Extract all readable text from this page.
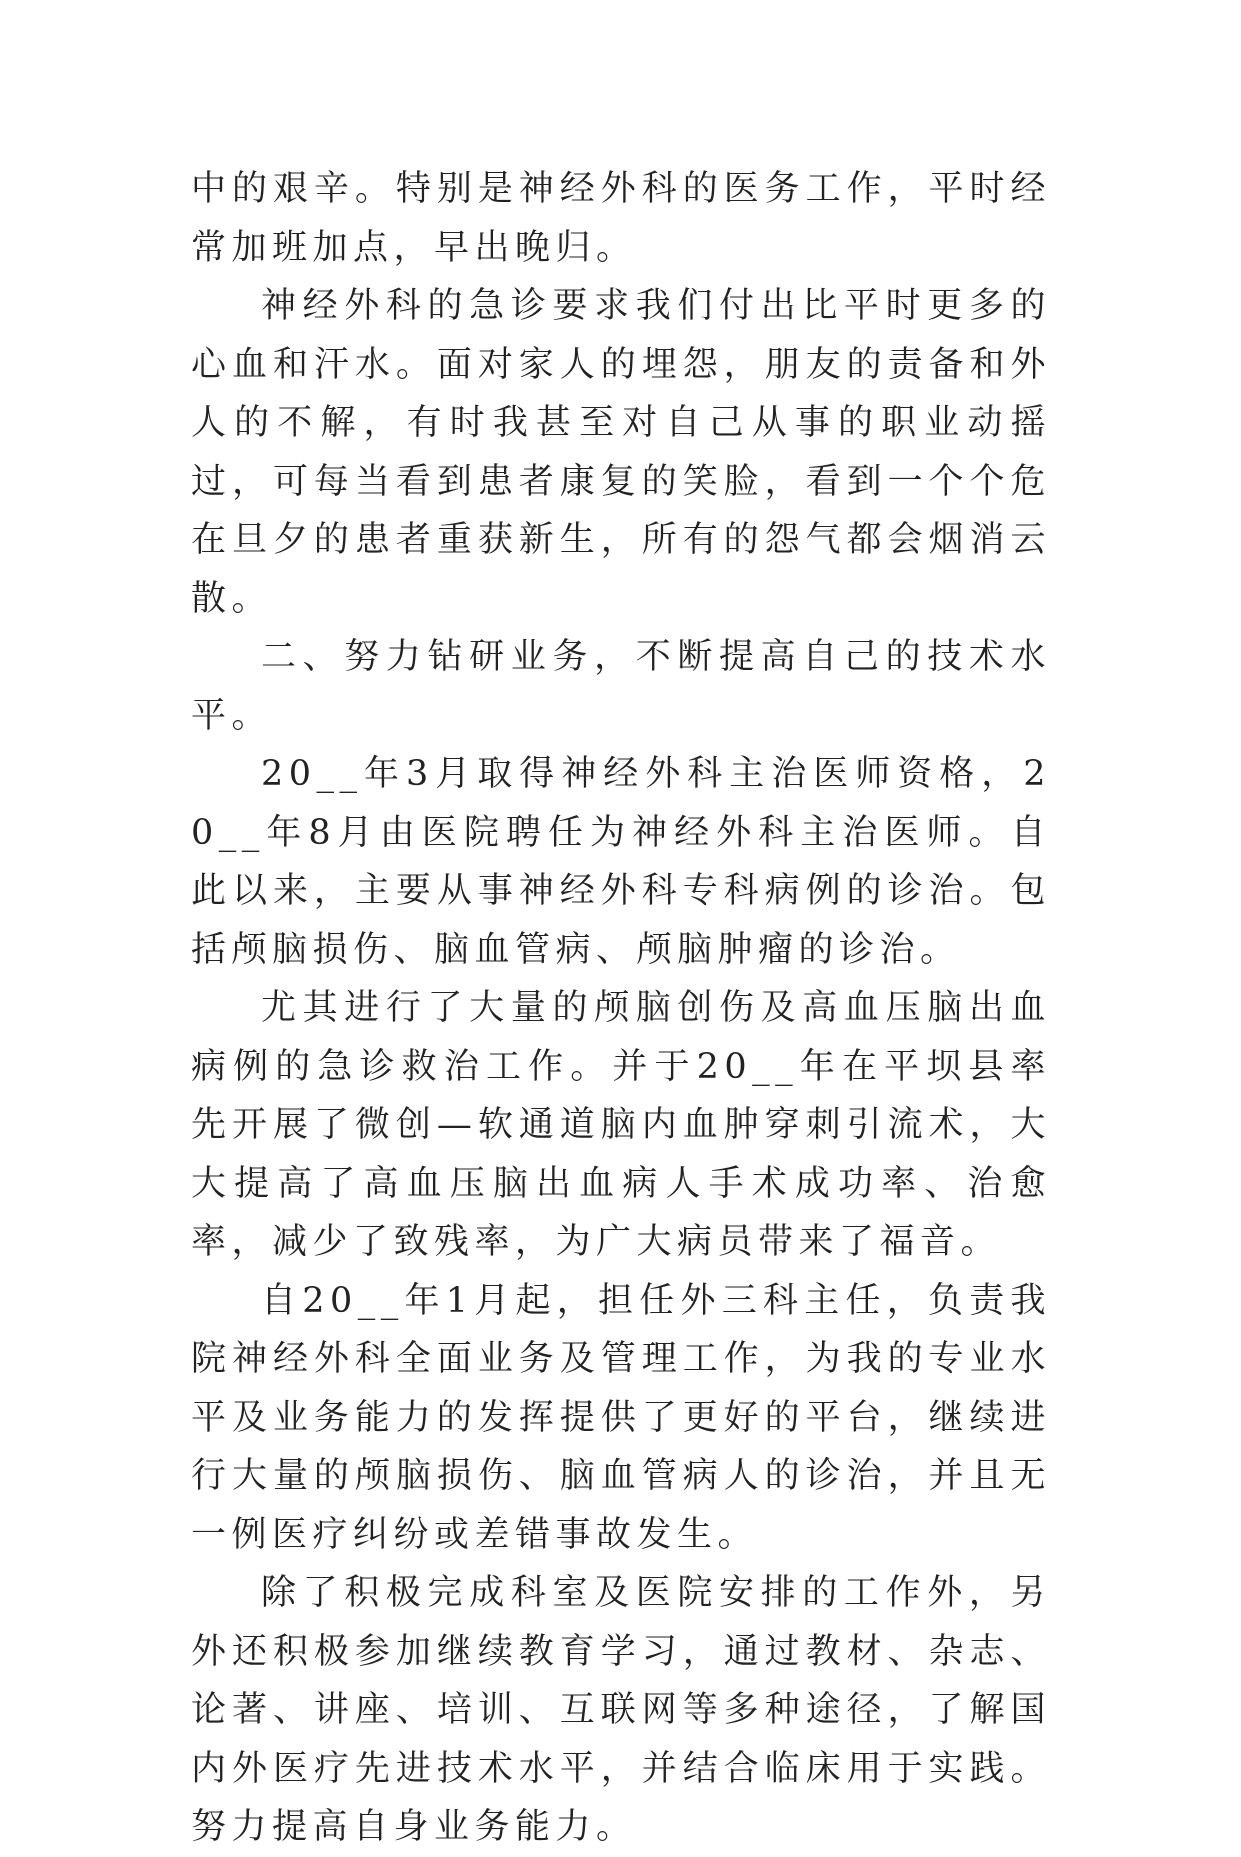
中的艰辛。特别是神经外科的医务工作，平时经常加班加点，早出晚归。

神经外科的急诊要求我们付出比平时更多的心血和汗水。面对家人的埋怨，朋友的责备和外人的不解，有时我甚至对自己从事的职业动摇过，可每当看到患者康复的笑脸，看到一个个危在旦夕的患者重获新生，所有的怨气都会烟消云散。

二、努力钻研业务，不断提高自己的技术水平。

20__年3月取得神经外科主治医师资格，20__年8月由医院聘任为神经外科主治医师。自此以来，主要从事神经外科专科病例的诊治。包括颅脑损伤、脑血管病、颅脑肿瘤的诊治。

尤其进行了大量的颅脑创伤及高血压脑出血病例的急诊救治工作。并于20__年在平坝县率先开展了微创—软通道脑内血肿穿刺引流术，大大提高了高血压脑出血病人手术成功率、治愈率，减少了致残率，为广大病员带来了福音。

自20__年1月起，担任外三科主任，负责我院神经外科全面业务及管理工作，为我的专业水平及业务能力的发挥提供了更好的平台，继续进行大量的颅脑损伤、脑血管病人的诊治，并且无一例医疗纠纷或差错事故发生。

除了积极完成科室及医院安排的工作外，另外还积极参加继续教育学习，通过教材、杂志、论著、讲座、培训、互联网等多种途径，了解国内外医疗先进技术水平，并结合临床用于实践。努力提高自身业务能力。
